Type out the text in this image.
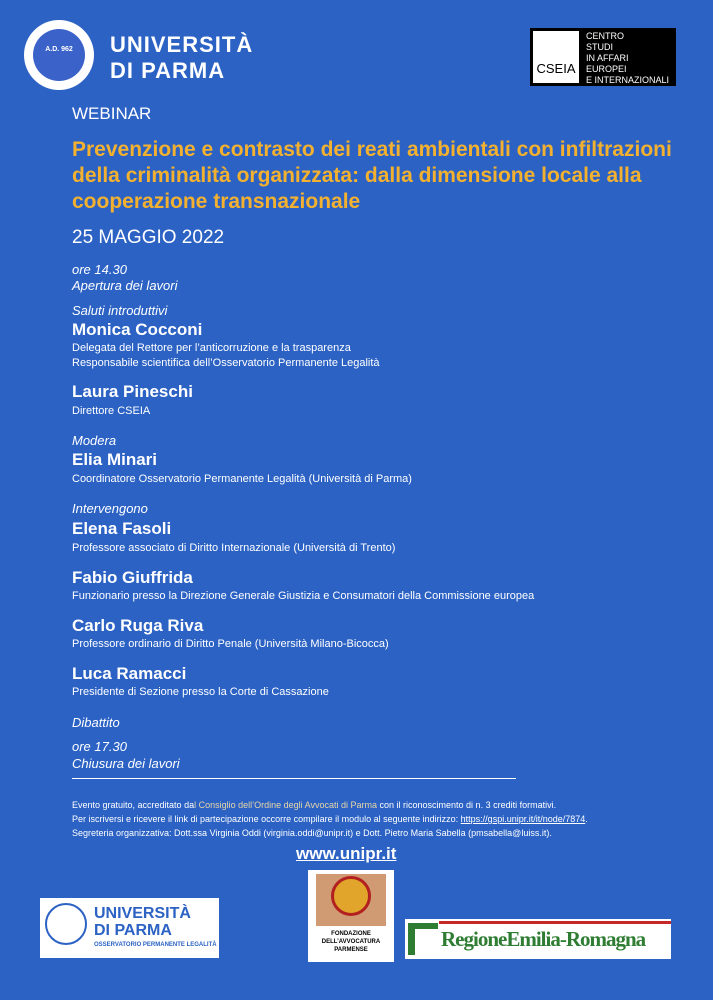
A.D. 962	UNIVERSITÀ
DI PARMA	CSEIA
CENTRO
STUDI
IN AFFARI
EUROPEI
E INTERNAZIONALI
WEBINAR
Prevenzione e contrasto dei reati ambientali con infiltrazioni della criminalità organizzata: dalla dimensione locale alla cooperazione transnazionale
25 MAGGIO 2022
ore 14.30
Apertura dei lavori
Saluti introduttivi
Monica Cocconi
Delegata del Rettore per l’anticorruzione e la trasparenza
Responsabile scientifica dell’Osservatorio Permanente Legalità
Laura Pineschi
Direttore CSEIA
Modera
Elia Minari
Coordinatore Osservatorio Permanente Legalità (Università di Parma)
Intervengono
Elena Fasoli
Professore associato di Diritto Internazionale (Università di Trento)
Fabio Giuffrida
Funzionario presso la Direzione Generale Giustizia e Consumatori della Commissione europea
Carlo Ruga Riva
Professore ordinario di Diritto Penale (Università Milano-Bicocca)
Luca Ramacci
Presidente di Sezione presso la Corte di Cassazione
Dibattito
ore 17.30
Chiusura dei lavori
Evento gratuito, accreditato dal Consiglio dell’Ordine degli Avvocati di Parma con il riconoscimento di n. 3 crediti formativi.
Per iscriversi e ricevere il link di partecipazione occorre compilare il modulo al seguente indirizzo: https://gspi.unipr.it/it/node/7874.
Segreteria organizzativa: Dott.ssa Virginia Oddi (virginia.oddi@unipr.it) e Dott. Pietro Maria Sabella (pmsabella@luiss.it).
www.unipr.it
UNIVERSITÀ
DI PARMA
OSSERVATORIO PERMANENTE LEGALITÀ
FONDAZIONE
DELL’AVVOCATURA
PARMENSE	RegioneEmilia-Romagna
